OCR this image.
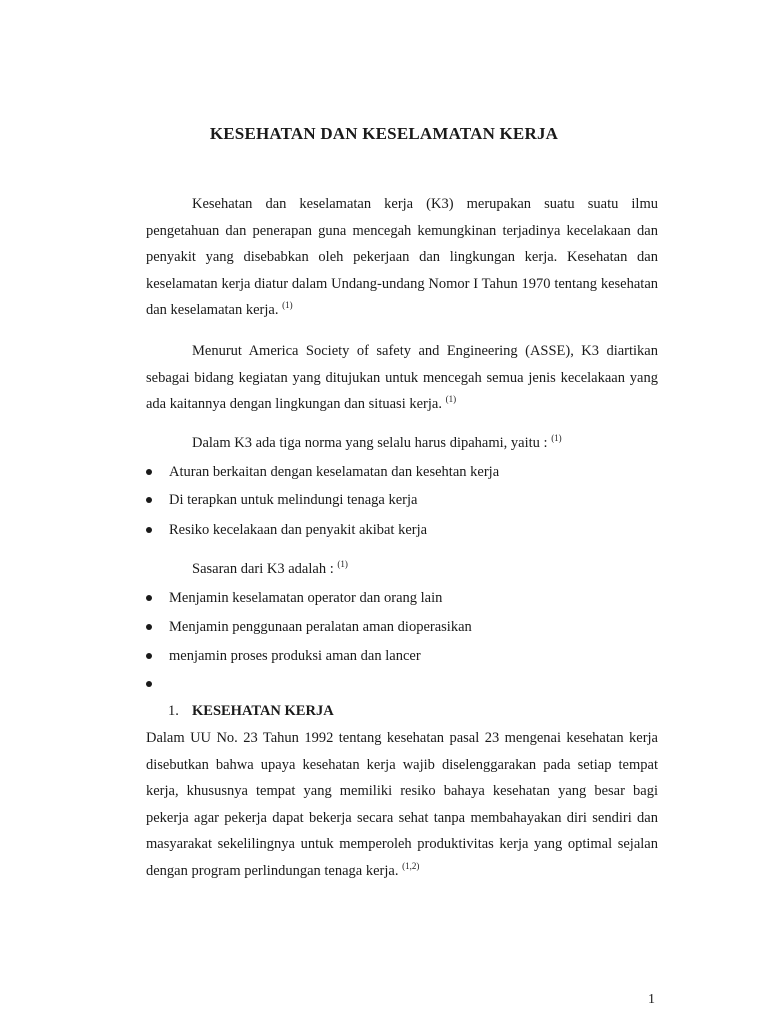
KESEHATAN DAN KESELAMATAN KERJA
Kesehatan dan keselamatan kerja (K3) merupakan suatu suatu ilmu pengetahuan dan penerapan guna mencegah kemungkinan terjadinya kecelakaan dan penyakit yang disebabkan oleh pekerjaan dan lingkungan kerja. Kesehatan dan keselamatan kerja diatur dalam Undang-undang Nomor I Tahun 1970 tentang kesehatan dan keselamatan kerja. $^{(1)}$
Menurut America Society of safety and Engineering (ASSE), K3 diartikan sebagai bidang kegiatan yang ditujukan untuk mencegah semua jenis kecelakaan yang ada kaitannya dengan lingkungan dan situasi kerja. $^{(1)}$
Dalam K3 ada tiga norma yang selalu harus dipahami, yaitu : $^{(1)}$
Aturan berkaitan dengan keselamatan dan kesehtan kerja
Di terapkan untuk melindungi tenaga kerja
Resiko kecelakaan dan penyakit akibat kerja
Sasaran dari K3 adalah : $^{(1)}$
Menjamin keselamatan operator dan orang lain
Menjamin penggunaan peralatan aman dioperasikan
menjamin proses produksi aman dan lancer
1. KESEHATAN KERJA
Dalam UU No. 23 Tahun 1992 tentang kesehatan pasal 23 mengenai kesehatan kerja disebutkan bahwa upaya kesehatan kerja wajib diselenggarakan pada setiap tempat kerja, khususnya tempat yang memiliki resiko bahaya kesehatan yang besar bagi pekerja agar pekerja dapat bekerja secara sehat tanpa membahayakan diri sendiri dan masyarakat sekelilingnya untuk memperoleh produktivitas kerja yang optimal sejalan dengan program perlindungan tenaga kerja. $^{(1,2)}$
1
